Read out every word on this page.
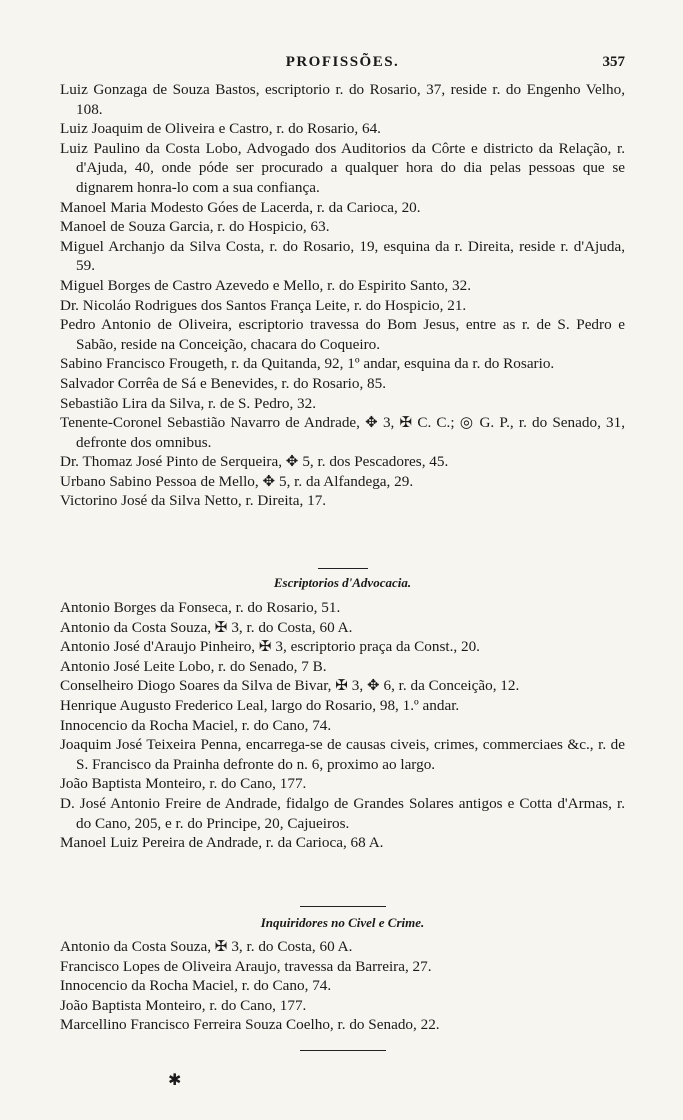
PROFISSÕES.	357

Luiz Gonzaga de Souza Bastos, escriptorio r. do Rosario, 37, reside r. do Engenho Velho, 108.

Luiz Joaquim de Oliveira e Castro, r. do Rosario, 64.

Luiz Paulino da Costa Lobo, Advogado dos Auditorios da Côrte e districto da Relação, r. d'Ajuda, 40, onde póde ser procurado a qualquer hora do dia pelas pessoas que se dignarem honra-lo com a sua confiança.

Manoel Maria Modesto Góes de Lacerda, r. da Carioca, 20.

Manoel de Souza Garcia, r. do Hospicio, 63.

Miguel Archanjo da Silva Costa, r. do Rosario, 19, esquina da r. Direita, reside r. d'Ajuda, 59.

Miguel Borges de Castro Azevedo e Mello, r. do Espirito Santo, 32.

Dr. Nicoláo Rodrigues dos Santos França Leite, r. do Hospicio, 21.

Pedro Antonio de Oliveira, escriptorio travessa do Bom Jesus, entre as r. de S. Pedro e Sabão, reside na Conceição, chacara do Coqueiro.

Sabino Francisco Frougeth, r. da Quitanda, 92, 1º andar, esquina da r. do Rosario.

Salvador Corrêa de Sá e Benevides, r. do Rosario, 85.

Sebastião Lira da Silva, r. de S. Pedro, 32.

Tenente-Coronel Sebastião Navarro de Andrade, ✥ 3, ✠ C. C.; ◎ G. P., r. do Senado, 31, defronte dos omnibus.

Dr. Thomaz José Pinto de Serqueira, ✥ 5, r. dos Pescadores, 45.

Urbano Sabino Pessoa de Mello, ✥ 5, r. da Alfandega, 29.

Victorino José da Silva Netto, r. Direita, 17.

Escriptorios d'Advocacia.

Antonio Borges da Fonseca, r. do Rosario, 51.

Antonio da Costa Souza, ✠ 3, r. do Costa, 60 A.

Antonio José d'Araujo Pinheiro, ✠ 3, escriptorio praça da Const., 20.

Antonio José Leite Lobo, r. do Senado, 7 B.

Conselheiro Diogo Soares da Silva de Bivar, ✠ 3, ✥ 6, r. da Conceição, 12.

Henrique Augusto Frederico Leal, largo do Rosario, 98, 1.º andar.

Innocencio da Rocha Maciel, r. do Cano, 74.

Joaquim José Teixeira Penna, encarrega-se de causas civeis, crimes, commerciaes &c., r. de S. Francisco da Prainha defronte do n. 6, proximo ao largo.

João Baptista Monteiro, r. do Cano, 177.

D. José Antonio Freire de Andrade, fidalgo de Grandes Solares antigos e Cotta d'Armas, r. do Cano, 205, e r. do Principe, 20, Cajueiros.

Manoel Luiz Pereira de Andrade, r. da Carioca, 68 A.

Inquiridores no Civel e Crime.

Antonio da Costa Souza, ✠ 3, r. do Costa, 60 A.

Francisco Lopes de Oliveira Araujo, travessa da Barreira, 27.

Innocencio da Rocha Maciel, r. do Cano, 74.

João Baptista Monteiro, r. do Cano, 177.

Marcellino Francisco Ferreira Souza Coelho, r. do Senado, 22.

✱
